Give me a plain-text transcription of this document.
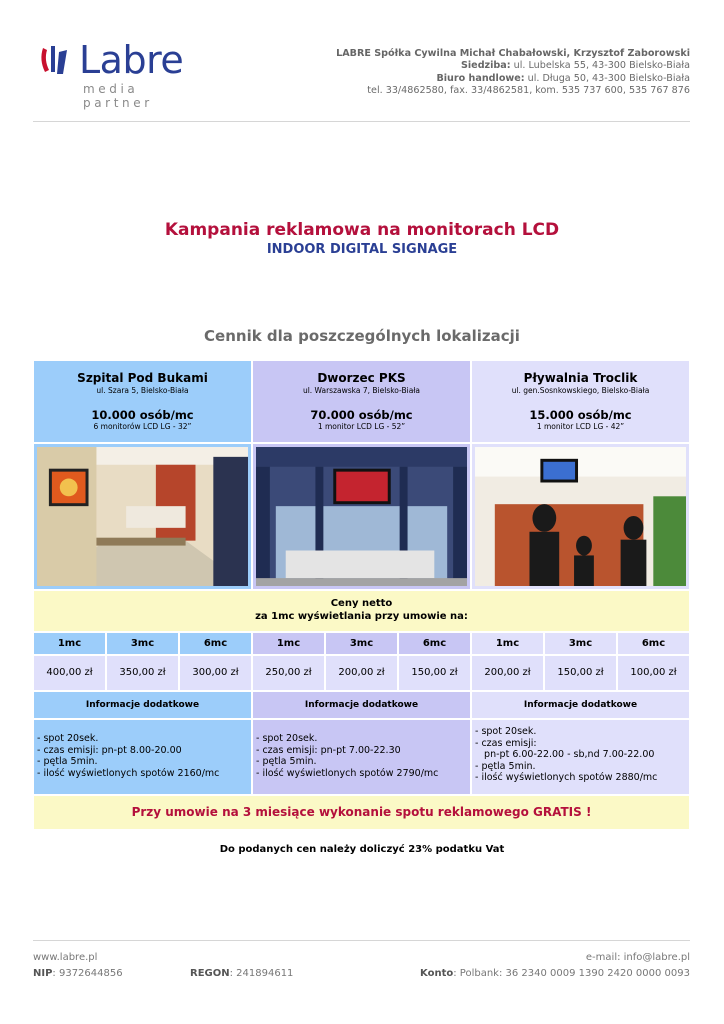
Labre
media partner
LABRE Spółka Cywilna Michał Chabałowski, Krzysztof Zaborowski
Siedziba: ul. Lubelska 55, 43-300 Bielsko-Biała
Biuro handlowe: ul. Długa 50, 43-300 Bielsko-Biała
tel. 33/4862580, fax. 33/4862581, kom. 535 737 600, 535 767 876
Kampania reklamowa na monitorach LCD
INDOOR DIGITAL SIGNAGE
Cennik dla poszczególnych lokalizacji
Szpital Pod Bukami
ul. Szara 5, Bielsko-Biała
10.000 osób/mc
6 monitorów LCD LG - 32”
Dworzec PKS
ul. Warszawska 7, Bielsko-Biała
70.000 osób/mc
1 monitor LCD LG - 52”
Pływalnia Troclik
ul. gen.Sosnkowskiego, Bielsko-Biała
15.000 osób/mc
1 monitor LCD LG - 42”
Ceny netto
za 1mc wyświetlania przy umowie na:
1mc	3mc	6mc	1mc	3mc	6mc	1mc	3mc	6mc
400,00 zł	350,00 zł	300,00 zł	250,00 zł	200,00 zł	150,00 zł	200,00 zł	150,00 zł	100,00 zł
Informacje dodatkowe	Informacje dodatkowe	Informacje dodatkowe
- spot 20sek.
- czas emisji: pn-pt 8.00-20.00
- pętla 5min.
- ilość wyświetlonych spotów 2160/mc
- spot 20sek.
- czas emisji: pn-pt 7.00-22.30
- pętla 5min.
- ilość wyświetlonych spotów 2790/mc
- spot 20sek.
- czas emisji:
pn-pt 6.00-22.00 - sb,nd 7.00-22.00
- pętla 5min.
- ilość wyświetlonych spotów 2880/mc
Przy umowie na 3 miesiące wykonanie spotu reklamowego GRATIS !
Do podanych cen należy doliczyć 23% podatku Vat
www.labre.pl	e-mail: info@labre.pl
NIP: 9372644856	REGON: 241894611	Konto: Polbank: 36 2340 0009 1390 2420 0000 0093
